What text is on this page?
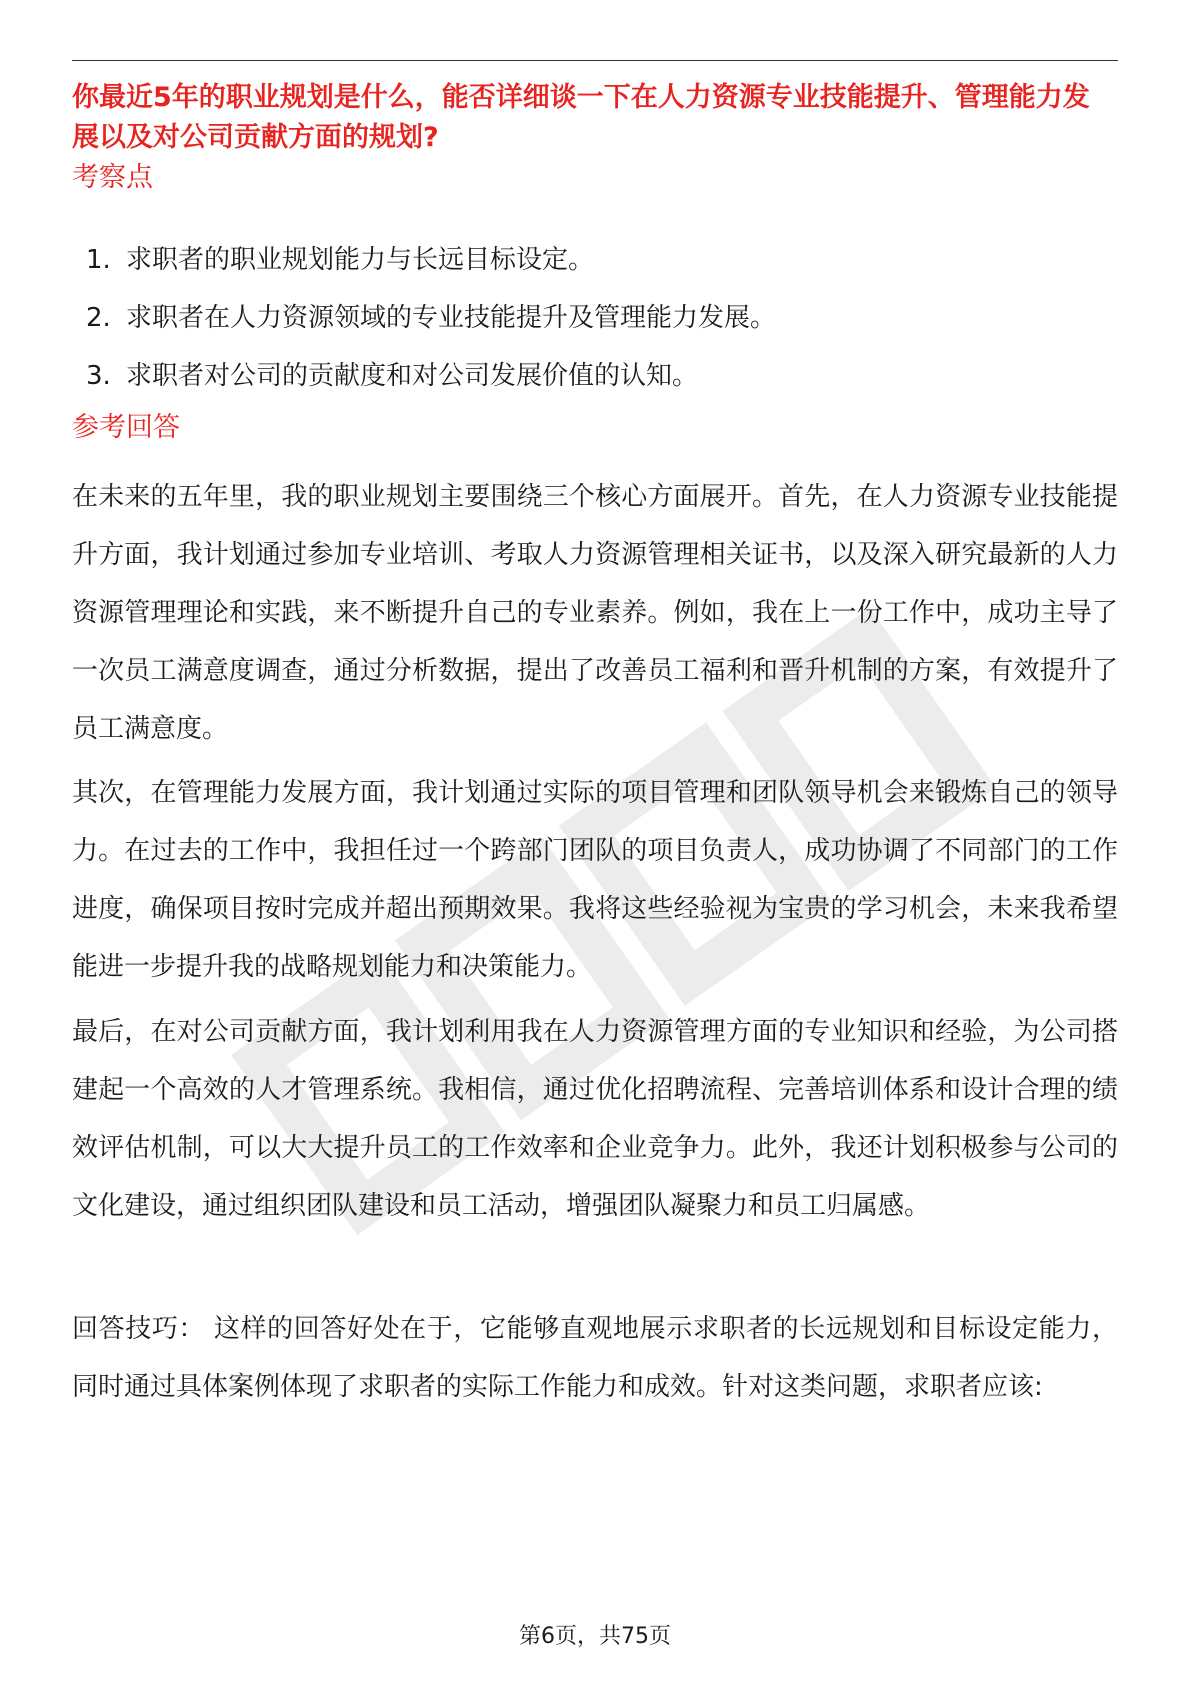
你最近5年的职业规划是什么，能否详细谈一下在人力资源专业技能提升、管理能力发展以及对公司贡献方面的规划?
考察点
1. 求职者的职业规划能力与长远目标设定。
2. 求职者在人力资源领域的专业技能提升及管理能力发展。
3. 求职者对公司的贡献度和对公司发展价值的认知。
参考回答

在未来的五年里，我的职业规划主要围绕三个核心方面展开。首先，在人力资源专业技能提升方面，我计划通过参加专业培训、考取人力资源管理相关证书，以及深入研究最新的人力资源管理理论和实践，来不断提升自己的专业素养。例如，我在上一份工作中，成功主导了一次员工满意度调查，通过分析数据，提出了改善员工福利和晋升机制的方案，有效提升了员工满意度。

其次，在管理能力发展方面，我计划通过实际的项目管理和团队领导机会来锻炼自己的领导力。在过去的工作中，我担任过一个跨部门团队的项目负责人，成功协调了不同部门的工作进度，确保项目按时完成并超出预期效果。我将这些经验视为宝贵的学习机会，未来我希望能进一步提升我的战略规划能力和决策能力。

最后，在对公司贡献方面，我计划利用我在人力资源管理方面的专业知识和经验，为公司搭建起一个高效的人才管理系统。我相信，通过优化招聘流程、完善培训体系和设计合理的绩效评估机制，可以大大提升员工的工作效率和企业竞争力。此外，我还计划积极参与公司的文化建设，通过组织团队建设和员工活动，增强团队凝聚力和员工归属感。

回答技巧： 这样的回答好处在于，它能够直观地展示求职者的长远规划和目标设定能力，同时通过具体案例体现了求职者的实际工作能力和成效。针对这类问题，求职者应该:

第6页，共75页
